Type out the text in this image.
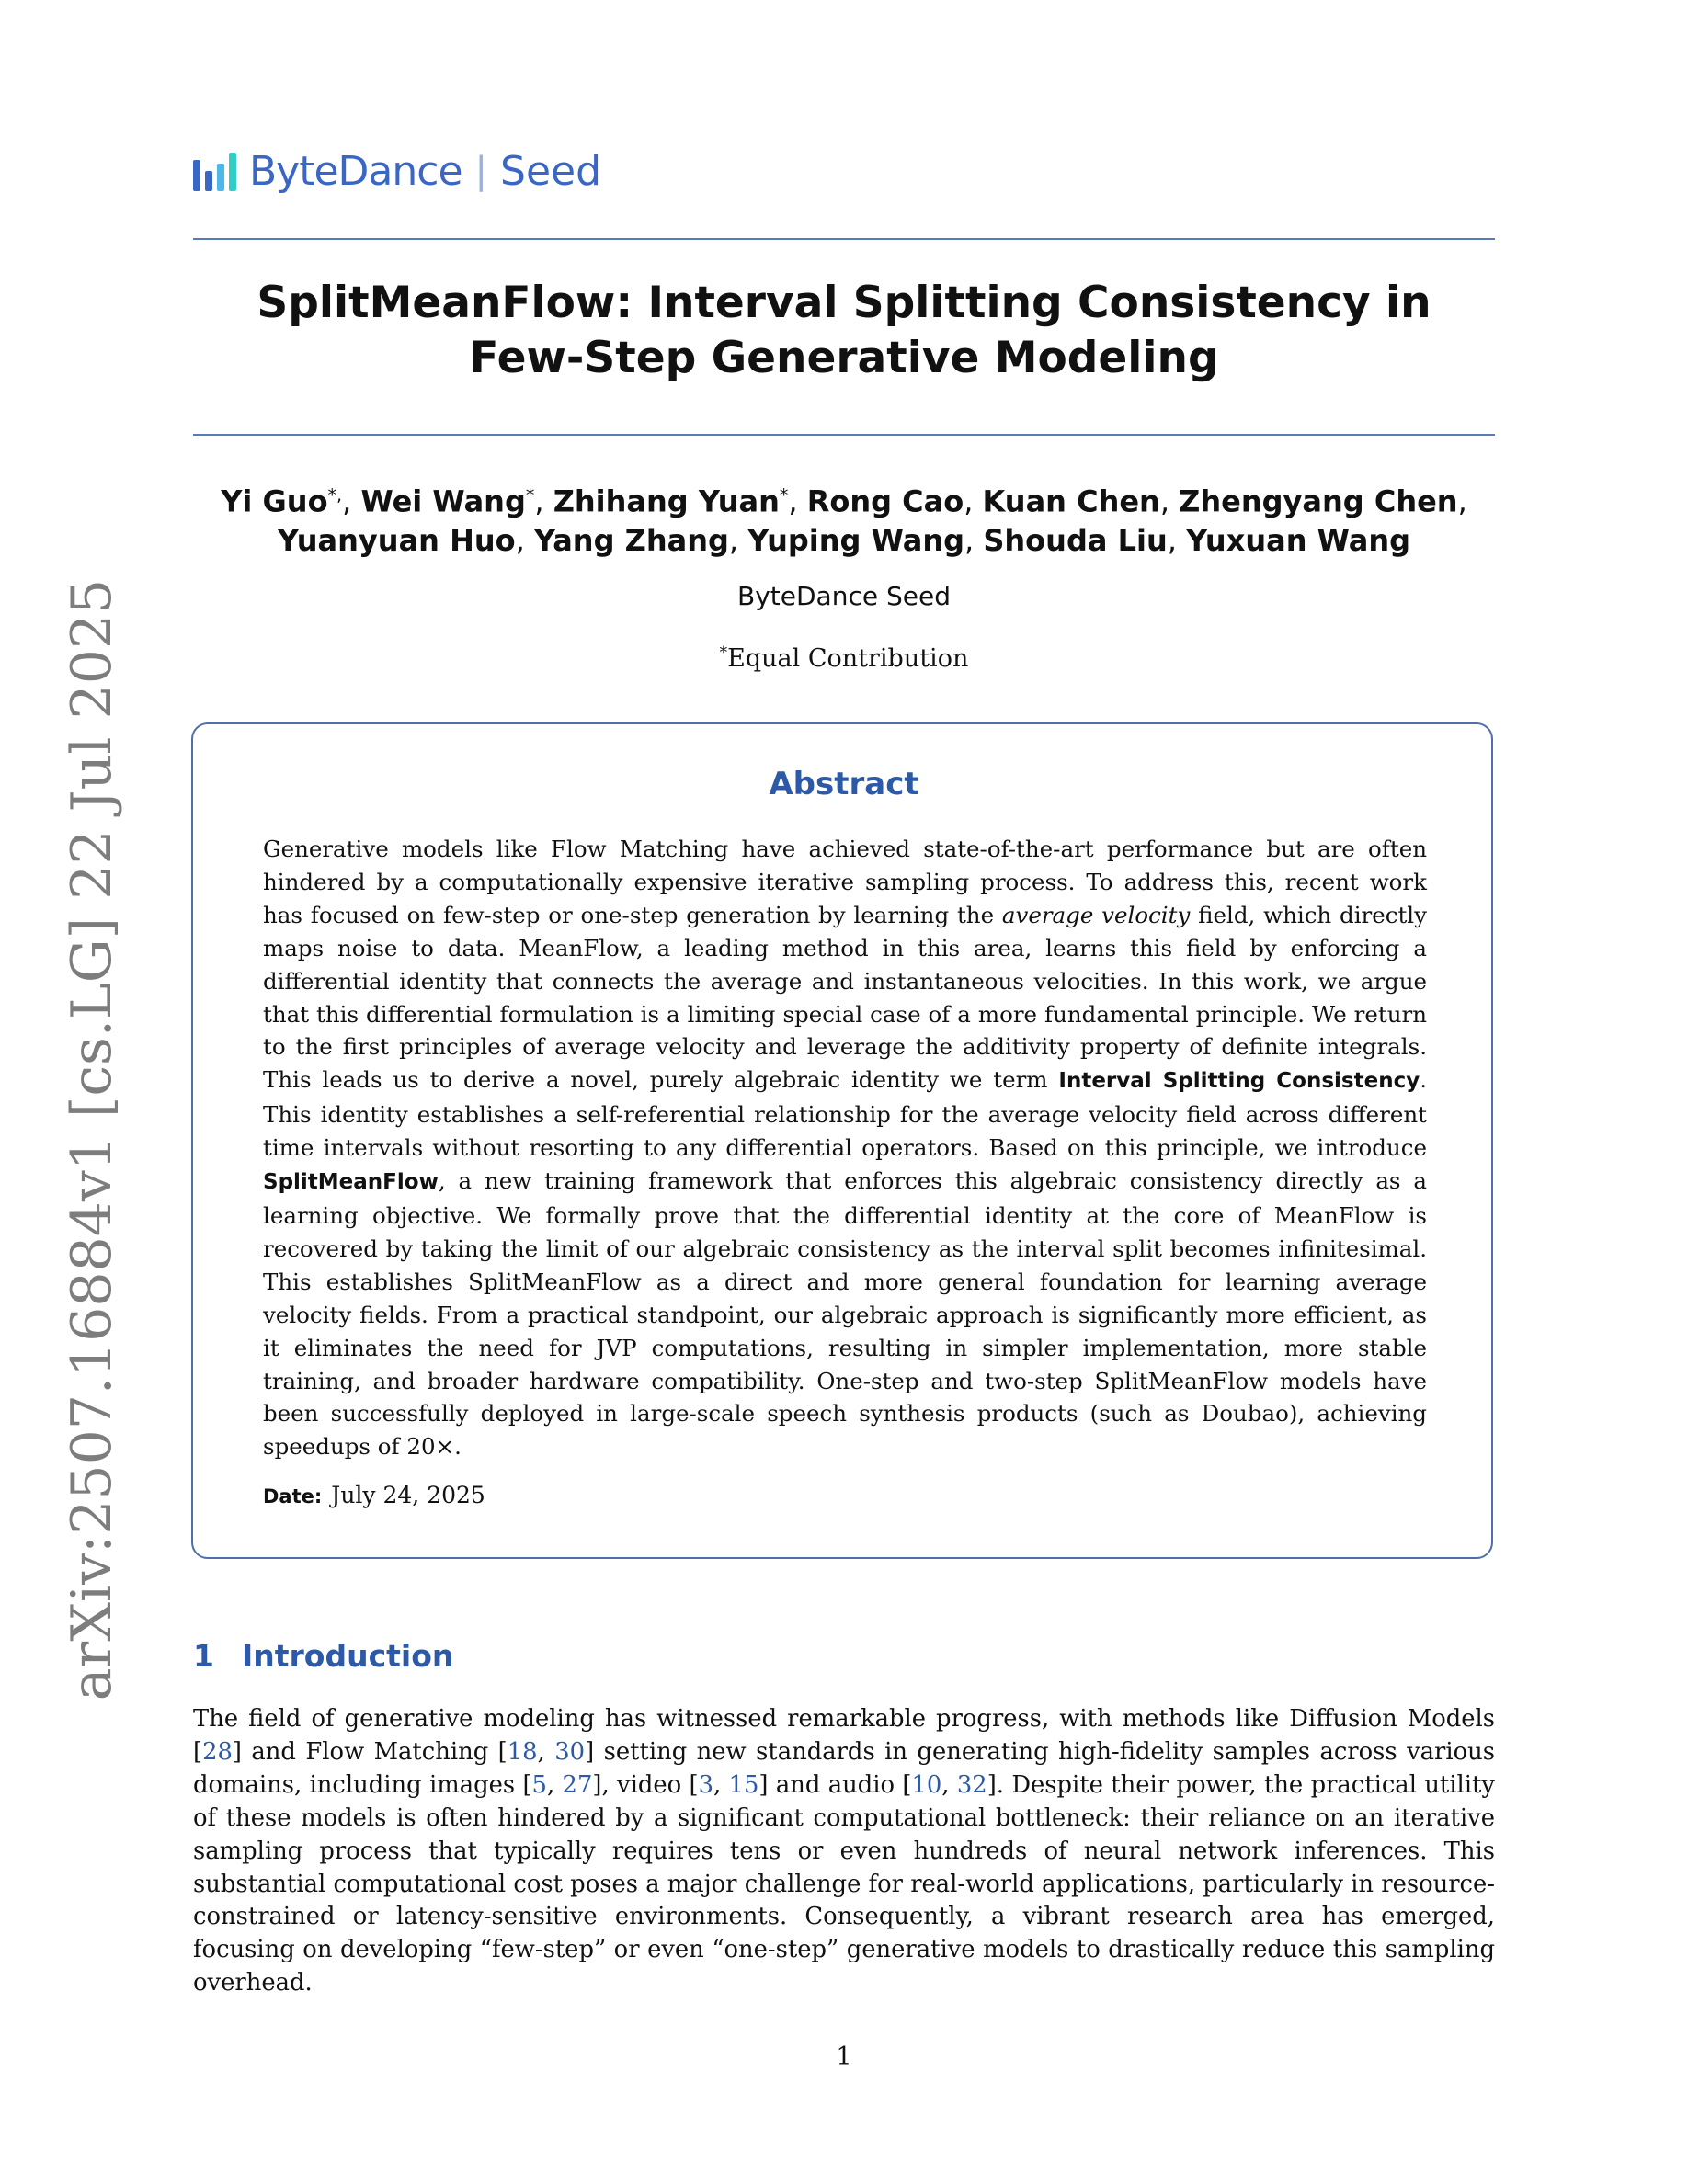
ByteDance | Seed
SplitMeanFlow: Interval Splitting Consistency in
Few-Step Generative Modeling
Yi Guo*,, Wei Wang*, Zhihang Yuan*, Rong Cao, Kuan Chen, Zhengyang Chen,
Yuanyuan Huo, Yang Zhang, Yuping Wang, Shouda Liu, Yuxuan Wang
ByteDance Seed
*Equal Contribution
Abstract

Generative models like Flow Matching have achieved state-of-the-art performance but are often hindered by a computationally expensive iterative sampling process. To address this, recent work has focused on few-step or one-step generation by learning the average velocity field, which directly maps noise to data. MeanFlow, a leading method in this area, learns this field by enforcing a differential identity that connects the average and instantaneous velocities. In this work, we argue that this differential formulation is a limiting special case of a more fundamental principle. We return to the first principles of average velocity and leverage the additivity property of definite integrals. This leads us to derive a novel, purely algebraic identity we term Interval Splitting Consistency. This identity establishes a self-referential relationship for the average velocity field across different time intervals without resorting to any differential operators. Based on this principle, we introduce SplitMeanFlow, a new training framework that enforces this algebraic consistency directly as a learning objective. We formally prove that the differential identity at the core of MeanFlow is recovered by taking the limit of our algebraic consistency as the interval split becomes infinitesimal. This establishes SplitMeanFlow as a direct and more general foundation for learning average velocity fields. From a practical standpoint, our algebraic approach is significantly more efficient, as it eliminates the need for JVP computations, resulting in simpler implementation, more stable training, and broader hardware compatibility. One-step and two-step SplitMeanFlow models have been successfully deployed in large-scale speech synthesis products (such as Doubao), achieving speedups of 20×.

Date: July 24, 2025
1 Introduction

The field of generative modeling has witnessed remarkable progress, with methods like Diffusion Models [28] and Flow Matching [18, 30] setting new standards in generating high-fidelity samples across various domains, including images [5, 27], video [3, 15] and audio [10, 32]. Despite their power, the practical utility of these models is often hindered by a significant computational bottleneck: their reliance on an iterative sampling process that typically requires tens or even hundreds of neural network inferences. This substantial computational cost poses a major challenge for real-world applications, particularly in resource-constrained or latency-sensitive environments. Consequently, a vibrant research area has emerged, focusing on developing “few-step” or even “one-step” generative models to drastically reduce this sampling overhead.

1
arXiv:2507.16884v1 [cs.LG] 22 Jul 2025
